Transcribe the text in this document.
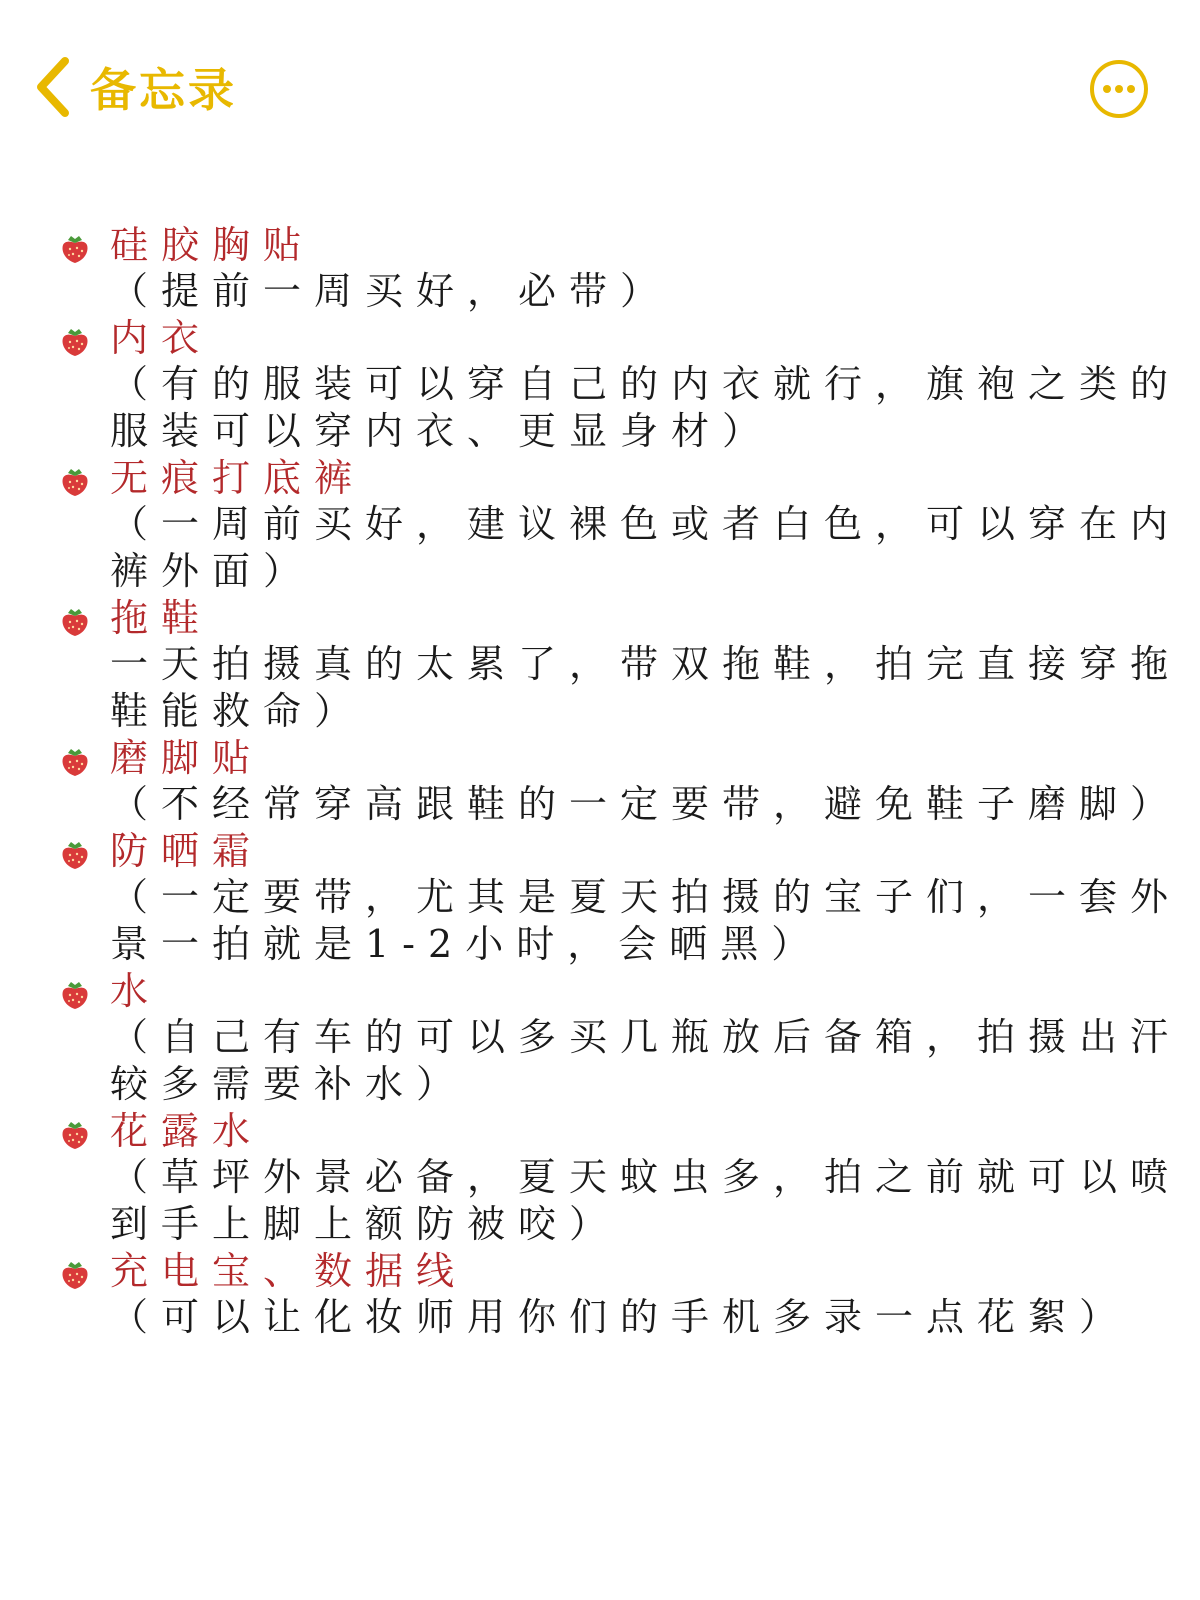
备忘录
硅胶胸贴
（提前一周买好，必带）
内衣
（有的服装可以穿自己的内衣就行，旗袍之类的服装可以穿内衣、更显身材）
无痕打底裤
（一周前买好，建议裸色或者白色，可以穿在内裤外面）
拖鞋
一天拍摄真的太累了，带双拖鞋，拍完直接穿拖鞋能救命）
磨脚贴
（不经常穿高跟鞋的一定要带，避免鞋子磨脚）
防晒霜
（一定要带，尤其是夏天拍摄的宝子们，一套外景一拍就是1-2小时，会晒黑）
水
（自己有车的可以多买几瓶放后备箱，拍摄出汗较多需要补水）
花露水
（草坪外景必备，夏天蚊虫多，拍之前就可以喷到手上脚上额防被咬）
充电宝、数据线
（可以让化妆师用你们的手机多录一点花絮）
